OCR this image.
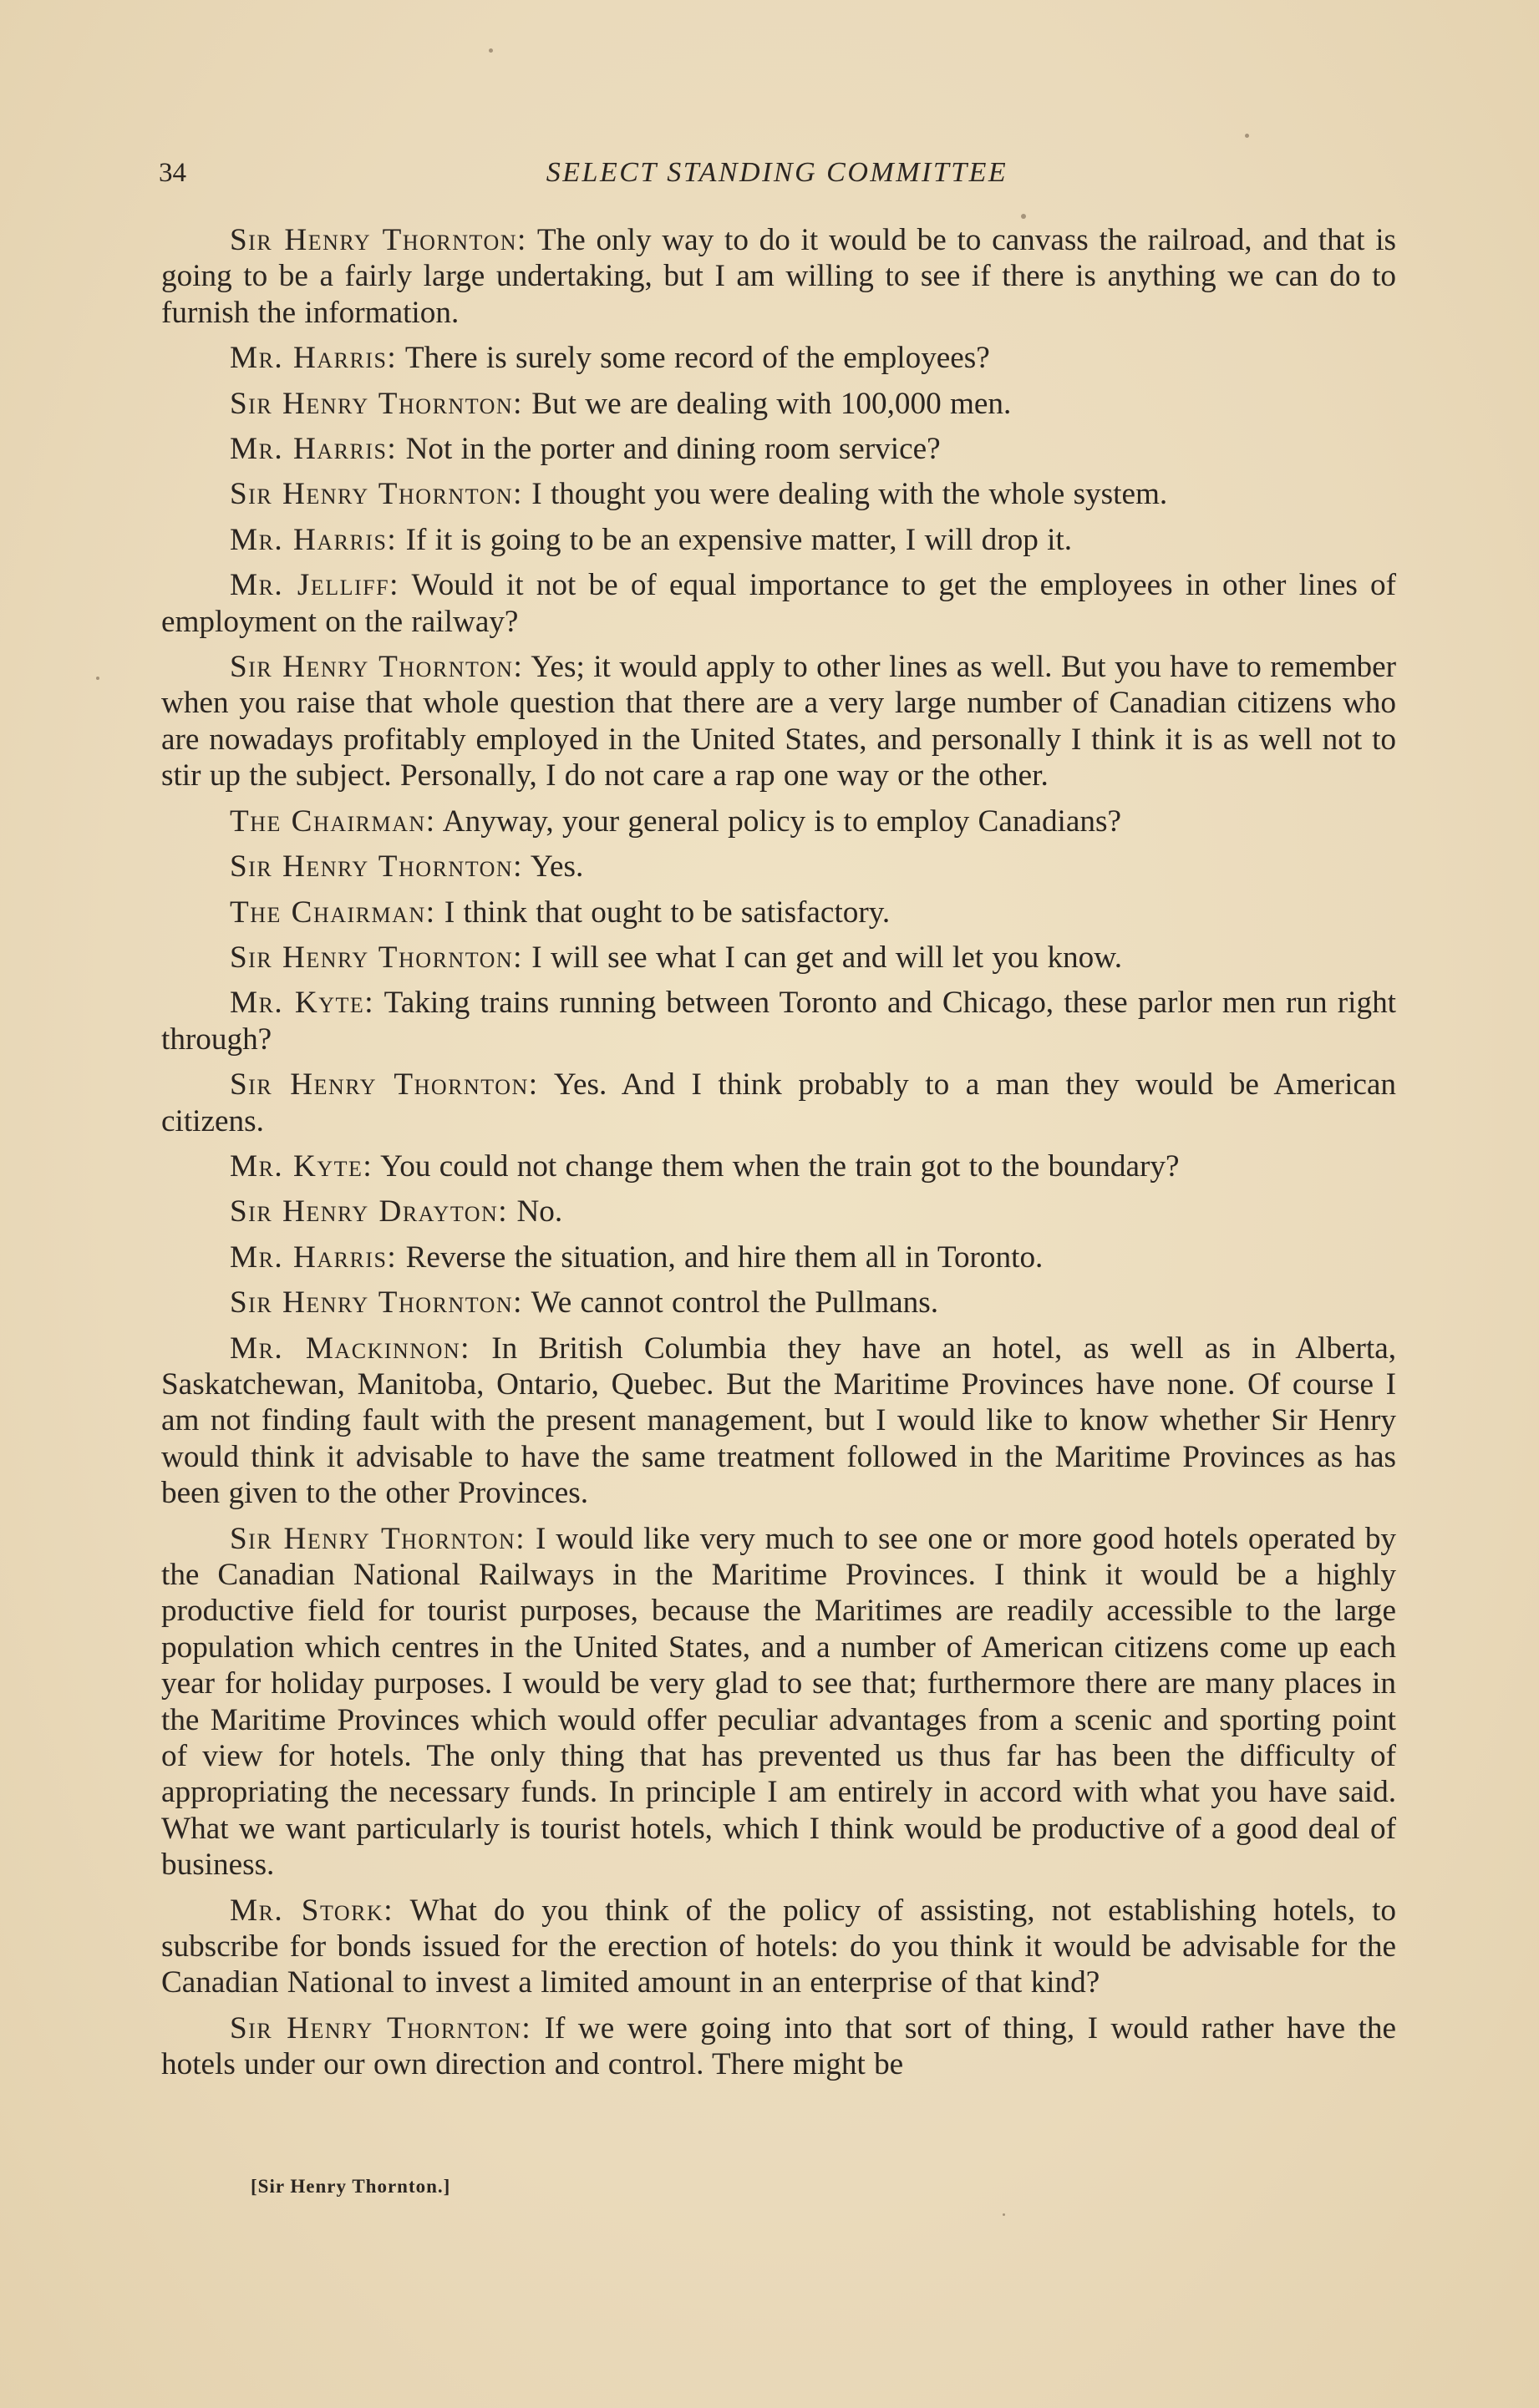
34	SELECT STANDING COMMITTEE

Sir Henry Thornton: The only way to do it would be to canvass the railroad, and that is going to be a fairly large undertaking, but I am willing to see if there is anything we can do to furnish the information.

Mr. Harris: There is surely some record of the employees?

Sir Henry Thornton: But we are dealing with 100,000 men.

Mr. Harris: Not in the porter and dining room service?

Sir Henry Thornton: I thought you were dealing with the whole system.

Mr. Harris: If it is going to be an expensive matter, I will drop it.

Mr. Jelliff: Would it not be of equal importance to get the employees in other lines of employment on the railway?

Sir Henry Thornton: Yes; it would apply to other lines as well. But you have to remember when you raise that whole question that there are a very large number of Canadian citizens who are nowadays profitably employed in the United States, and personally I think it is as well not to stir up the subject. Personally, I do not care a rap one way or the other.

The Chairman: Anyway, your general policy is to employ Canadians?

Sir Henry Thornton: Yes.

The Chairman: I think that ought to be satisfactory.

Sir Henry Thornton: I will see what I can get and will let you know.

Mr. Kyte: Taking trains running between Toronto and Chicago, these parlor men run right through?

Sir Henry Thornton: Yes. And I think probably to a man they would be American citizens.

Mr. Kyte: You could not change them when the train got to the boundary?

Sir Henry Drayton: No.

Mr. Harris: Reverse the situation, and hire them all in Toronto.

Sir Henry Thornton: We cannot control the Pullmans.

Mr. Mackinnon: In British Columbia they have an hotel, as well as in Alberta, Saskatchewan, Manitoba, Ontario, Quebec. But the Maritime Provinces have none. Of course I am not finding fault with the present management, but I would like to know whether Sir Henry would think it advisable to have the same treatment followed in the Maritime Provinces as has been given to the other Provinces.

Sir Henry Thornton: I would like very much to see one or more good hotels operated by the Canadian National Railways in the Maritime Provinces. I think it would be a highly productive field for tourist purposes, because the Maritimes are readily accessible to the large population which centres in the United States, and a number of American citizens come up each year for holiday purposes. I would be very glad to see that; furthermore there are many places in the Maritime Provinces which would offer peculiar advantages from a scenic and sporting point of view for hotels. The only thing that has prevented us thus far has been the difficulty of appropriating the necessary funds. In principle I am entirely in accord with what you have said. What we want particularly is tourist hotels, which I think would be productive of a good deal of business.

Mr. Stork: What do you think of the policy of assisting, not establishing hotels, to subscribe for bonds issued for the erection of hotels: do you think it would be advisable for the Canadian National to invest a limited amount in an enterprise of that kind?

Sir Henry Thornton: If we were going into that sort of thing, I would rather have the hotels under our own direction and control. There might be

[Sir Henry Thornton.]
